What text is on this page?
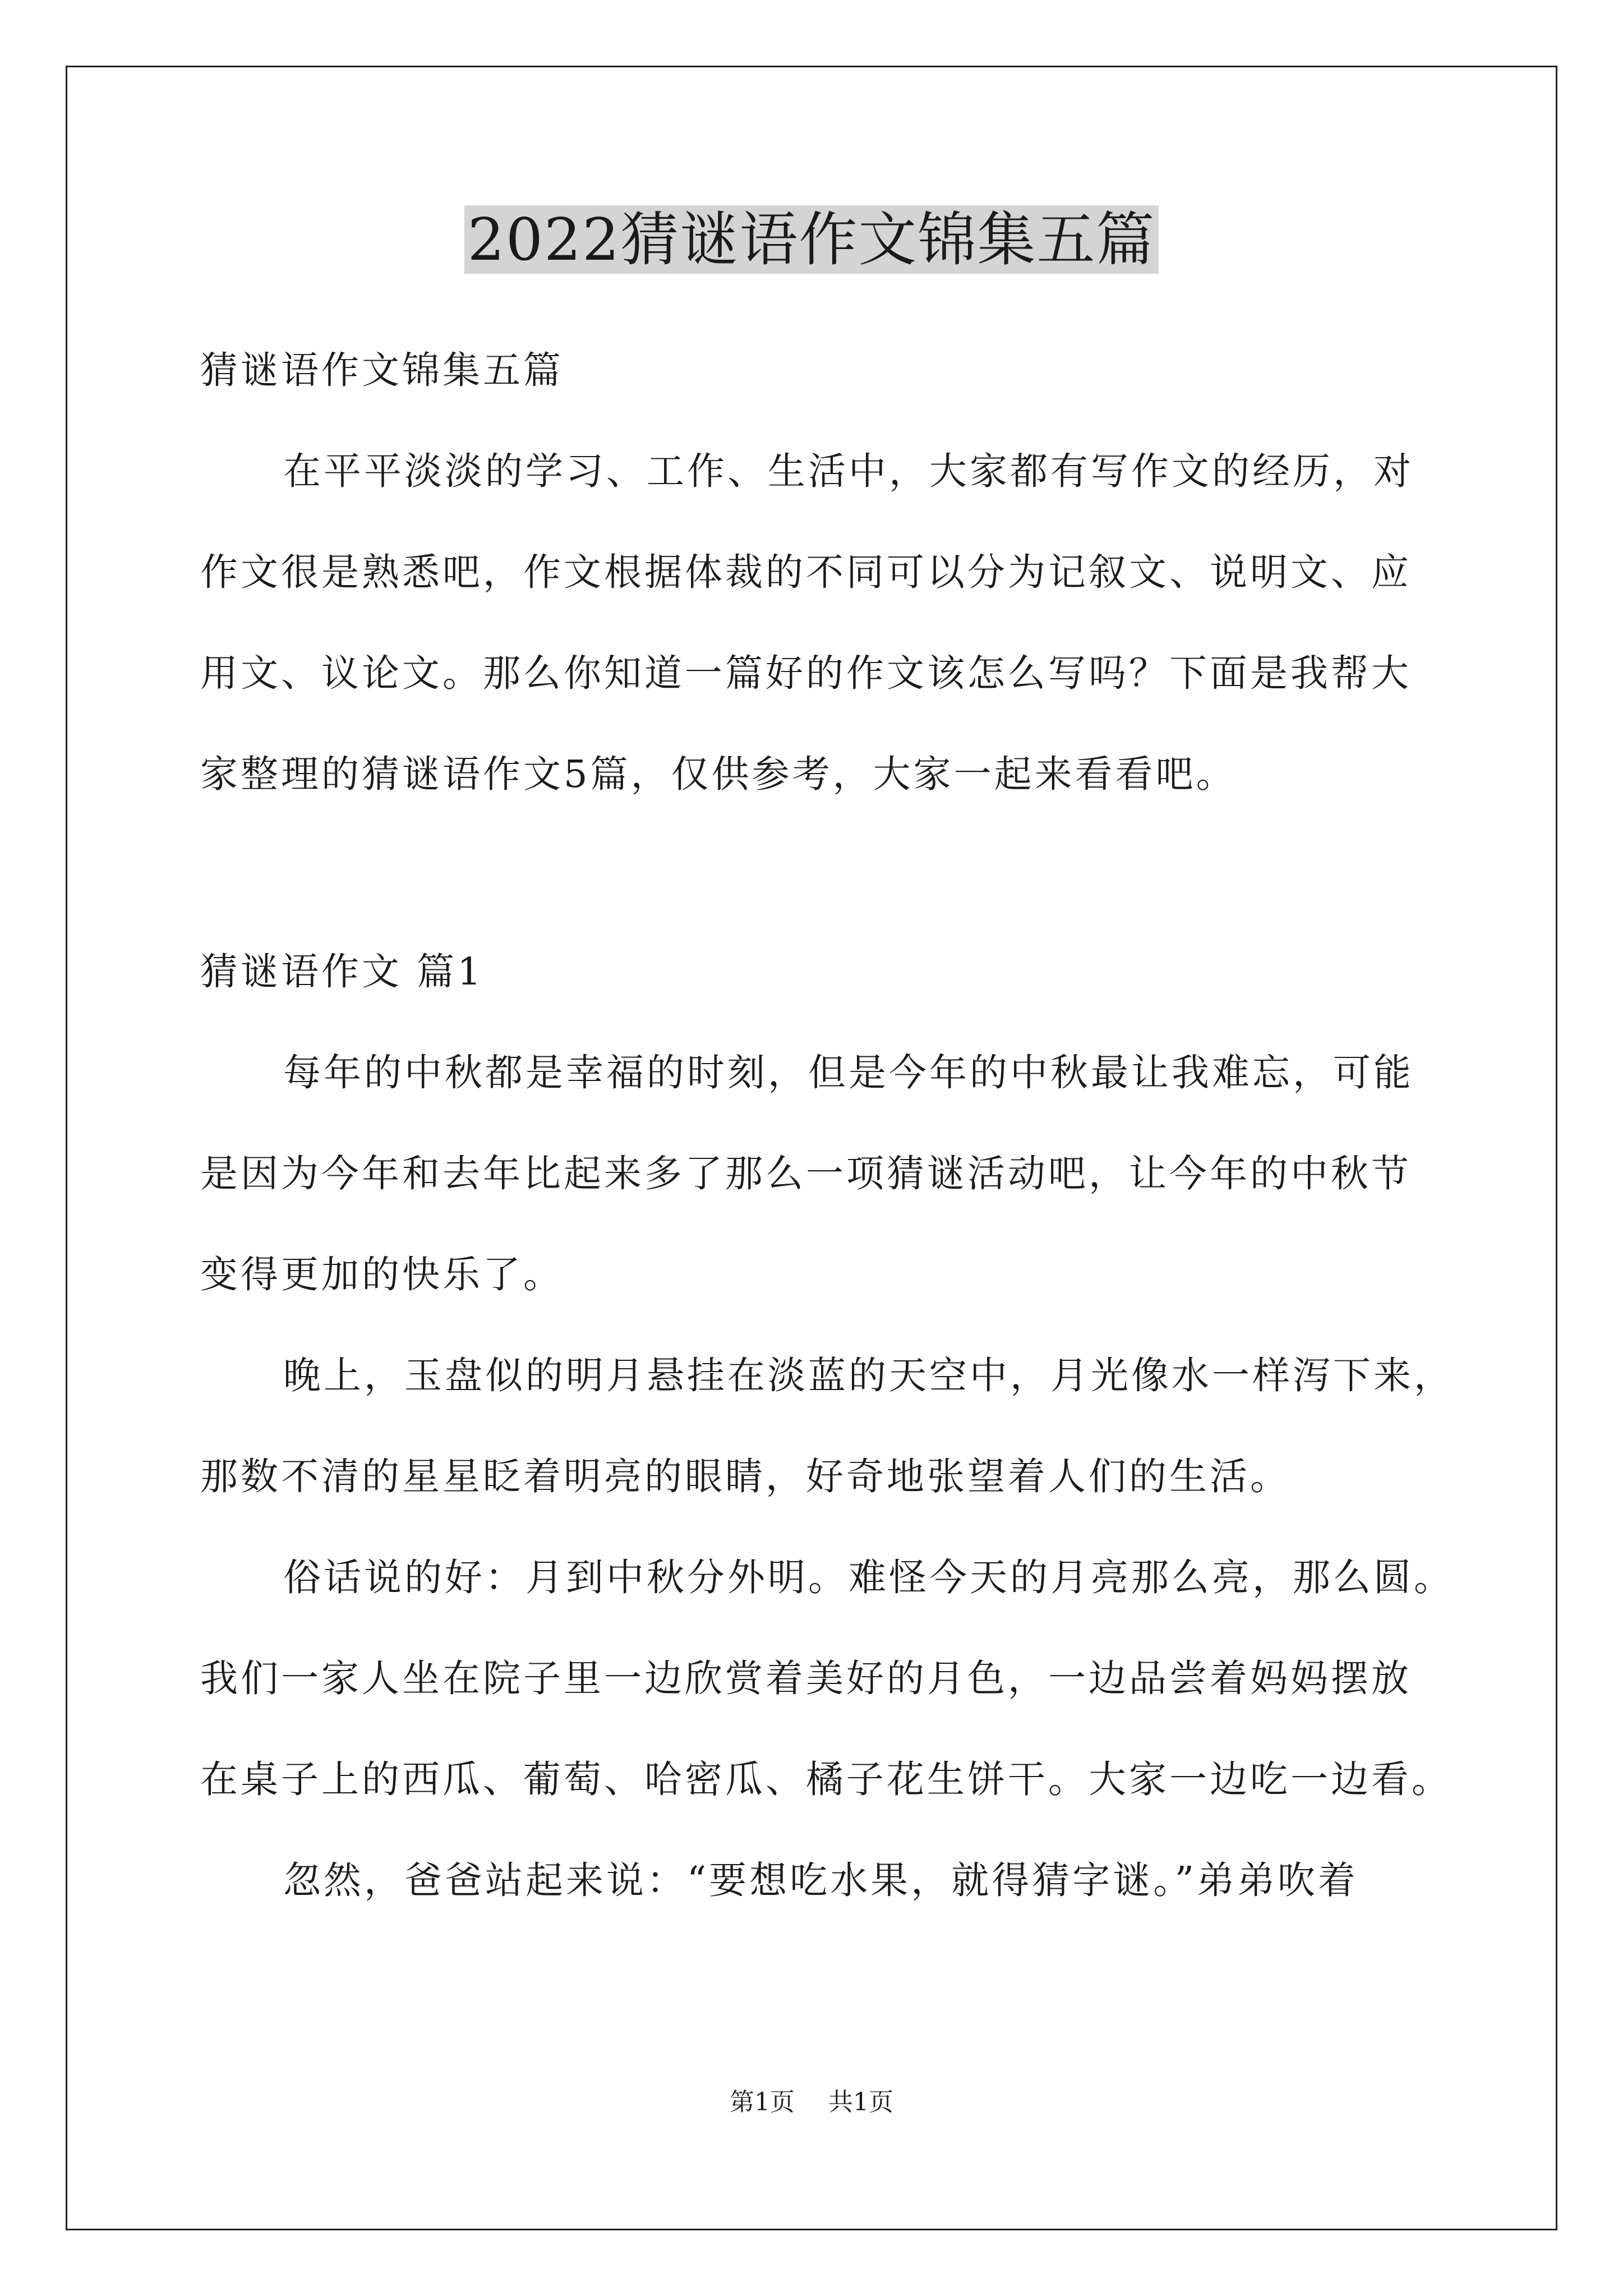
2022猜谜语作文锦集五篇
猜谜语作文锦集五篇
在平平淡淡的学习、工作、生活中，大家都有写作文的经历，对
作文很是熟悉吧，作文根据体裁的不同可以分为记叙文、说明文、应
用文、议论文。那么你知道一篇好的作文该怎么写吗？下面是我帮大
家整理的猜谜语作文5篇，仅供参考，大家一起来看看吧。
猜谜语作文 篇1
每年的中秋都是幸福的时刻，但是今年的中秋最让我难忘，可能
是因为今年和去年比起来多了那么一项猜谜活动吧，让今年的中秋节
变得更加的快乐了。
晚上，玉盘似的明月悬挂在淡蓝的天空中，月光像水一样泻下来，
那数不清的星星眨着明亮的眼睛，好奇地张望着人们的生活。
俗话说的好：月到中秋分外明。难怪今天的月亮那么亮，那么圆。
我们一家人坐在院子里一边欣赏着美好的月色，一边品尝着妈妈摆放
在桌子上的西瓜、葡萄、哈密瓜、橘子花生饼干。大家一边吃一边看。
忽然，爸爸站起来说：“要想吃水果，就得猜字谜。”弟弟吹着
第1页 共1页
